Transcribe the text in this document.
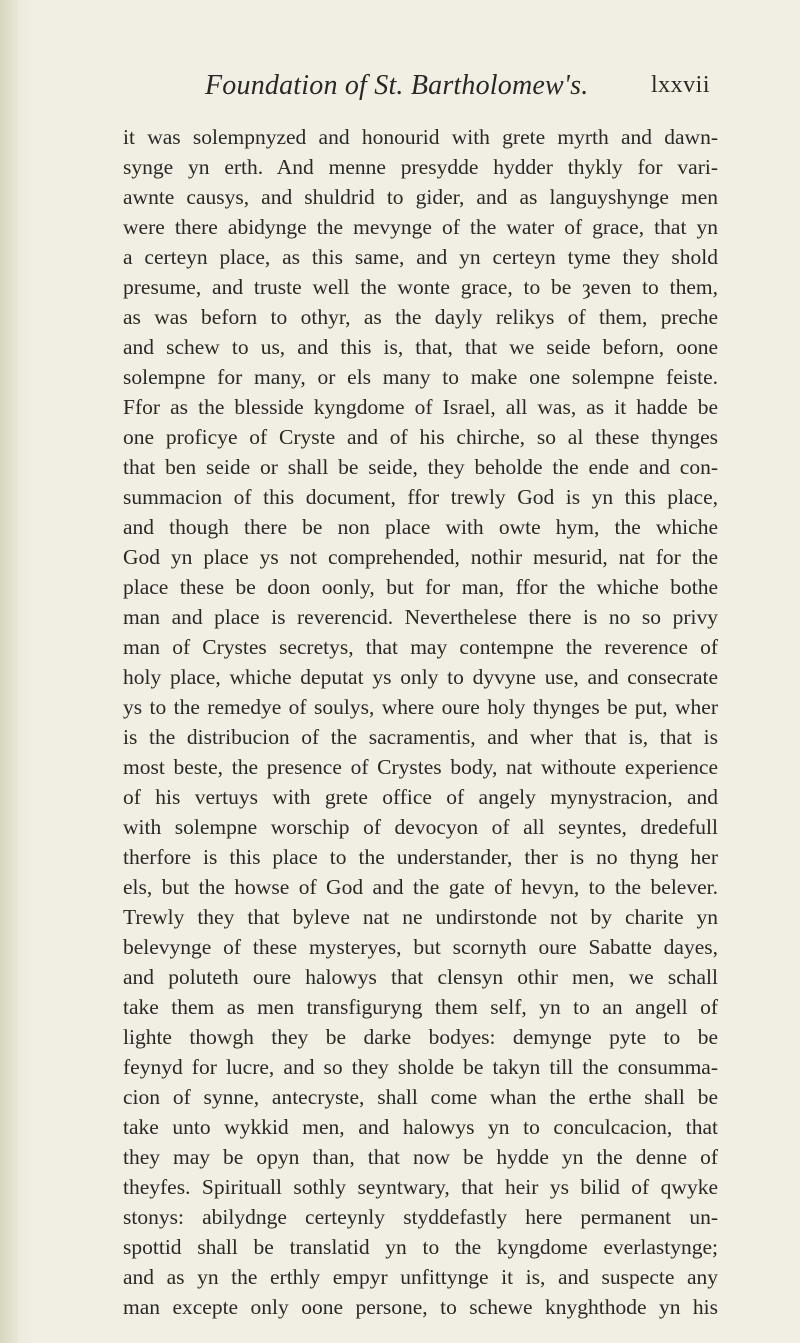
Foundation of St. Bartholomew's.	lxxvii
it was solempnyzed and honourid with grete myrth and dawn-
synge yn erth. And menne presydde hydder thykly for vari-
awnte causys, and shuldrid to gider, and as languyshynge men
were there abidynge the mevynge of the water of grace, that yn
a certeyn place, as this same, and yn certeyn tyme they shold
presume, and truste well the wonte grace, to be ȝeven to them,
as was beforn to othyr, as the dayly relikys of them, preche
and schew to us, and this is, that, that we seide beforn, oone
solempne for many, or els many to make one solempne feiste.
Ffor as the blesside kyngdome of Israel, all was, as it hadde be
one proficye of Cryste and of his chirche, so al these thynges
that ben seide or shall be seide, they beholde the ende and con-
summacion of this document, ffor trewly God is yn this place,
and though there be non place with owte hym, the whiche
God yn place ys not comprehended, nothir mesurid, nat for the
place these be doon oonly, but for man, ffor the whiche bothe
man and place is reverencid. Neverthelese there is no so privy
man of Crystes secretys, that may contempne the reverence of
holy place, whiche deputat ys only to dyvyne use, and consecrate
ys to the remedye of soulys, where oure holy thynges be put, wher
is the distribucion of the sacramentis, and wher that is, that is
most beste, the presence of Crystes body, nat withoute experience
of his vertuys with grete office of angely mynystracion, and
with solempne worschip of devocyon of all seyntes, dredefull
therfore is this place to the understander, ther is no thyng her
els, but the howse of God and the gate of hevyn, to the belever.
Trewly they that byleve nat ne undirstonde not by charite yn
belevynge of these mysteryes, but scornyth oure Sabatte dayes,
and poluteth oure halowys that clensyn othir men, we schall
take them as men transfiguryng them self, yn to an angell of
lighte thowgh they be darke bodyes: demynge pyte to be
feynyd for lucre, and so they sholde be takyn till the consumma-
cion of synne, antecryste, shall come whan the erthe shall be
take unto wykkid men, and halowys yn to conculcacion, that
they may be opyn than, that now be hydde yn the denne of
theyfes. Spirituall sothly seyntwary, that heir ys bilid of qwyke
stonys: abilydnge certeynly styddefastly here permanent un-
spottid shall be translatid yn to the kyngdome everlastynge;
and as yn the erthly empyr unfittynge it is, and suspecte any
man excepte only oone persone, to schewe knyghthode yn his
